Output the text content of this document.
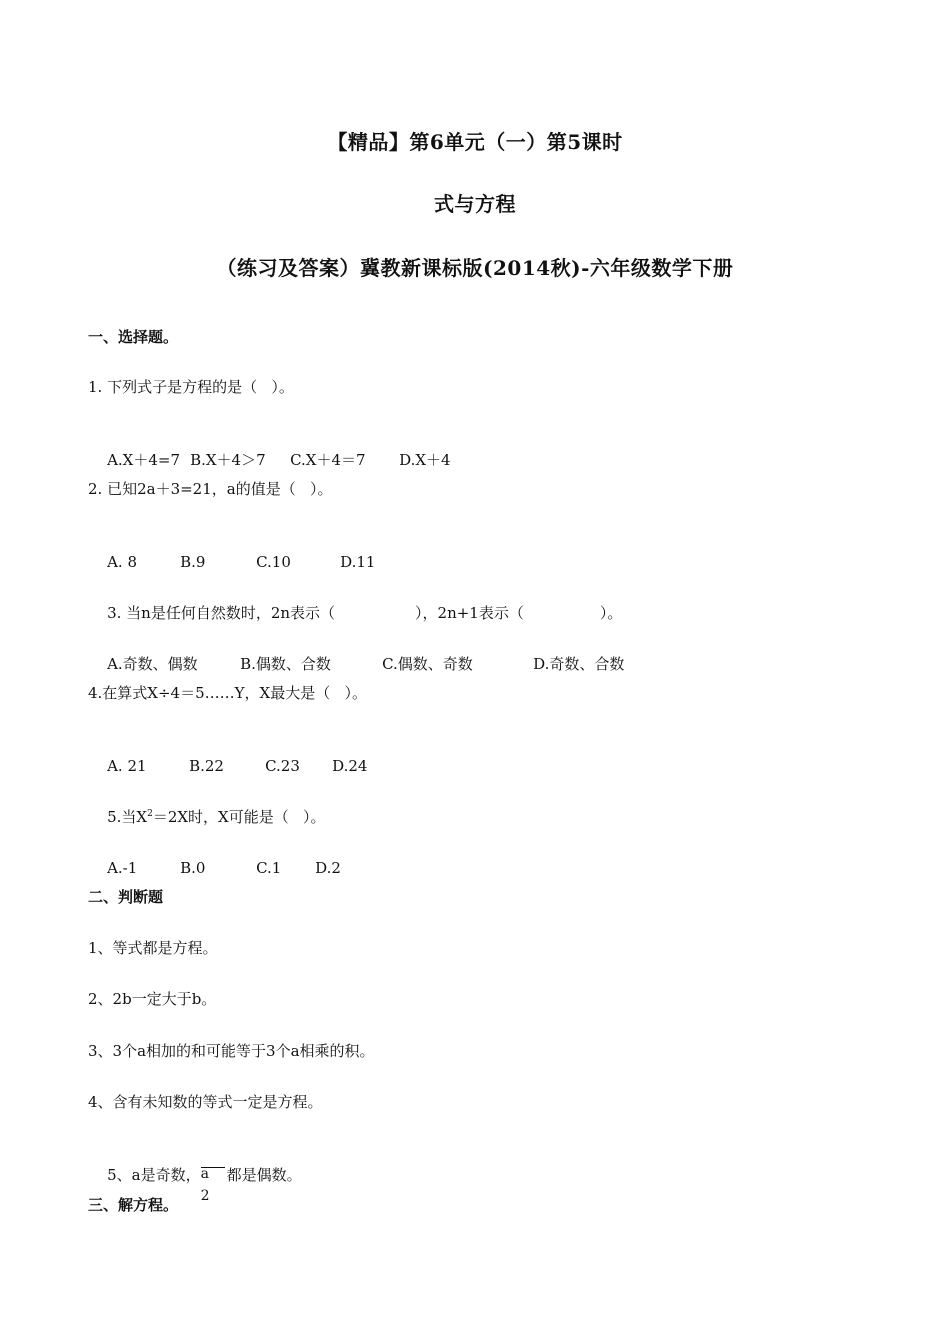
【精品】第6单元（一）第5课时
式与方程
（练习及答案）冀教新课标版(2014秋)-六年级数学下册
一、选择题。
1. 下列式子是方程的是（   ）。

A.X＋4=7 B.X＋4＞7 C.X＋4＝7 D.X＋4

2. 已知2a＋3=21，a的值是（   ）。

A. 8	B.9	C.10	D.11

3. 当n是任何自然数时，2n表示（	），2n+1表示（	）。

A.奇数、偶数	B.偶数、合数	C.偶数、奇数	D.奇数、合数

4.在算式X÷4＝5……Y，X最大是（   ）。

A. 21	B.22	C.23 D.24

5.当$X^2=2X$时，X可能是（   ）。

A.-1	B.0	C.1 D.2

二、判断题
1、等式都是方程。
2、2b一定大于b。
3、3个a相加的和可能等于3个a相乘的积。
4、含有未知数的等式一定是方程。

5、a是奇数， $\frac{a}{2}$ 都是偶数。

三、解方程。
